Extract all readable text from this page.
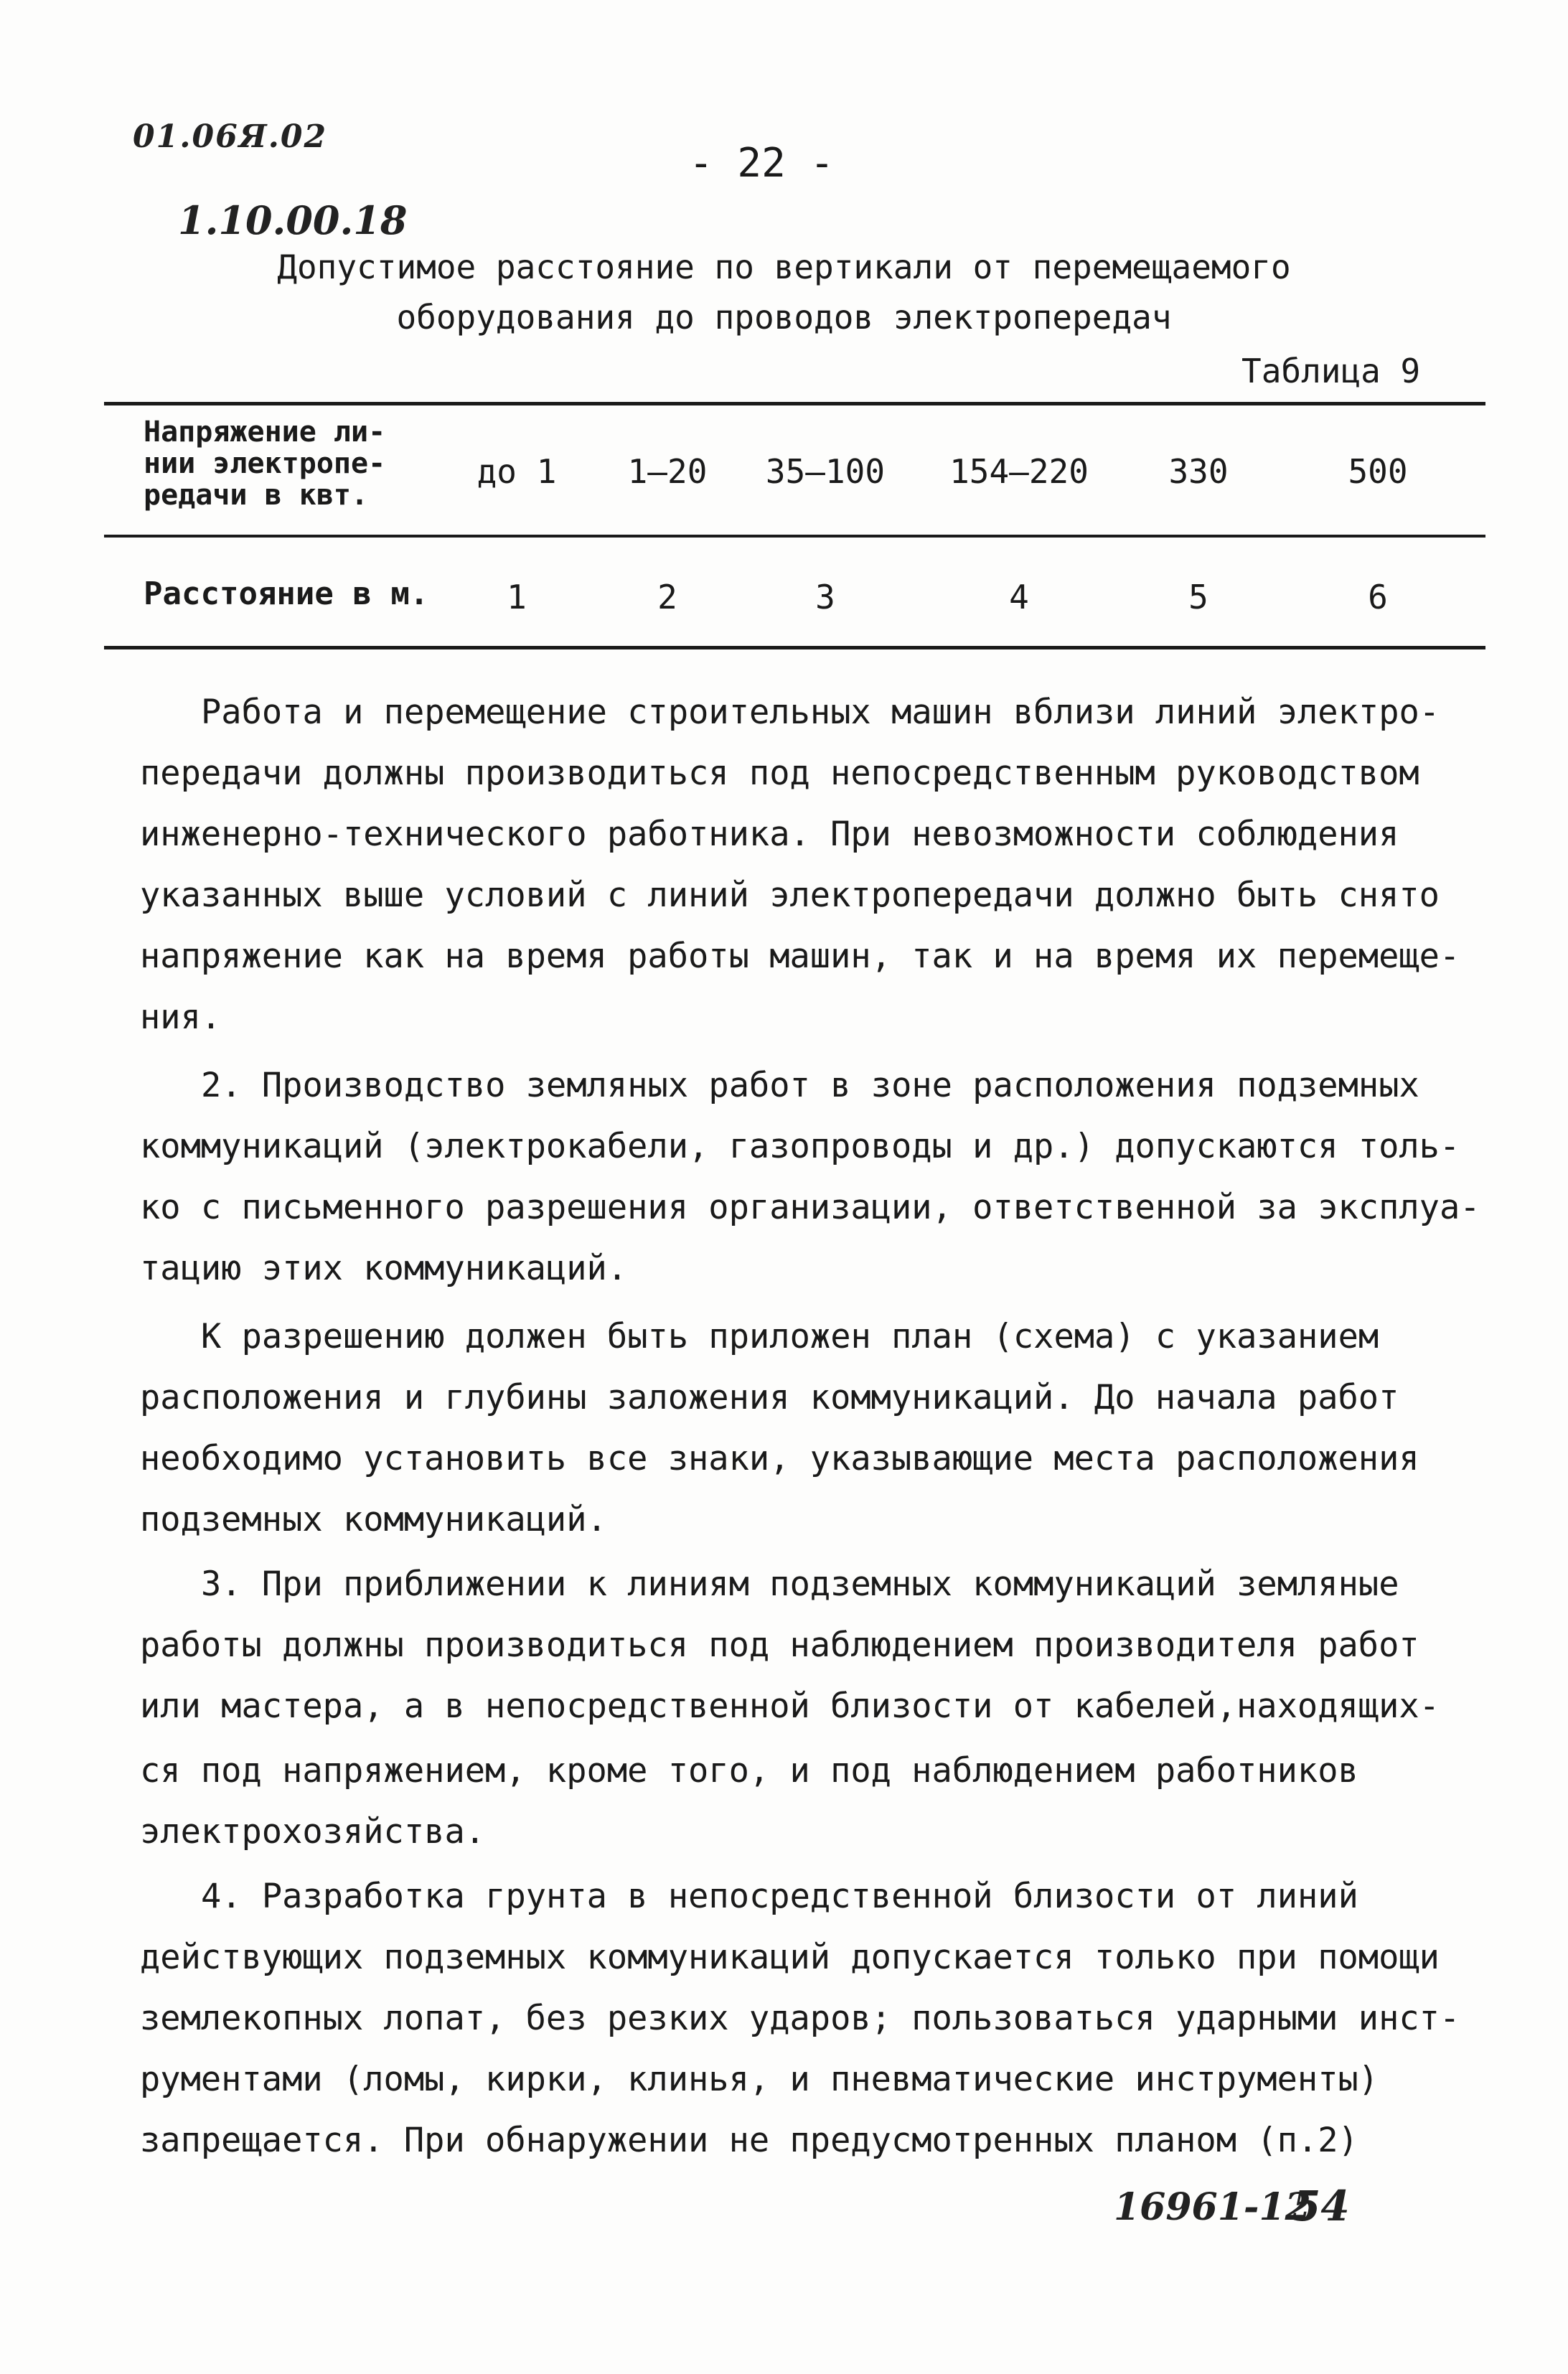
01.06Я.02
1.10.00.18
- 22 -
Допустимое расстояние по вертикали от перемещаемого
оборудования до проводов электропередач
Таблица 9
Напряжение ли-
нии электропе-
редачи в квт.
до 1	1–20	35–100	154–220	330	500
Расстояние в м.	1	2	3	4	5	6
Работа и перемещение строительных машин вблизи линий электро-
передачи должны производиться под непосредственным руководством
инженерно-технического работника. При невозможности соблюдения
указанных выше условий с линий электропередачи должно быть снято
напряжение как на время работы машин, так и на время их перемеще-
ния.
2. Производство земляных работ в зоне расположения подземных
коммуникаций (электрокабели, газопроводы и др.) допускаются толь-
ко с письменного разрешения организации, ответственной за эксплуа-
тацию этих коммуникаций.
К разрешению должен быть приложен план (схема) с указанием
расположения и глубины заложения коммуникаций. До начала работ
необходимо установить все знаки, указывающие места расположения
подземных коммуникаций.
3. При приближении к линиям подземных коммуникаций земляные
работы должны производиться под наблюдением производителя работ
или мастера, а в непосредственной близости от кабелей,находящих-
ся под напряжением, кроме того, и под наблюдением работников
электрохозяйства.
4. Разработка грунта в непосредственной близости от линий
действующих подземных коммуникаций допускается только при помощи
землекопных лопат, без резких ударов; пользоваться ударными инст-
рументами (ломы, кирки, клинья, и пневматические инструменты)
запрещается. При обнаружении не предусмотренных планом (п.2)
16961-12
54
